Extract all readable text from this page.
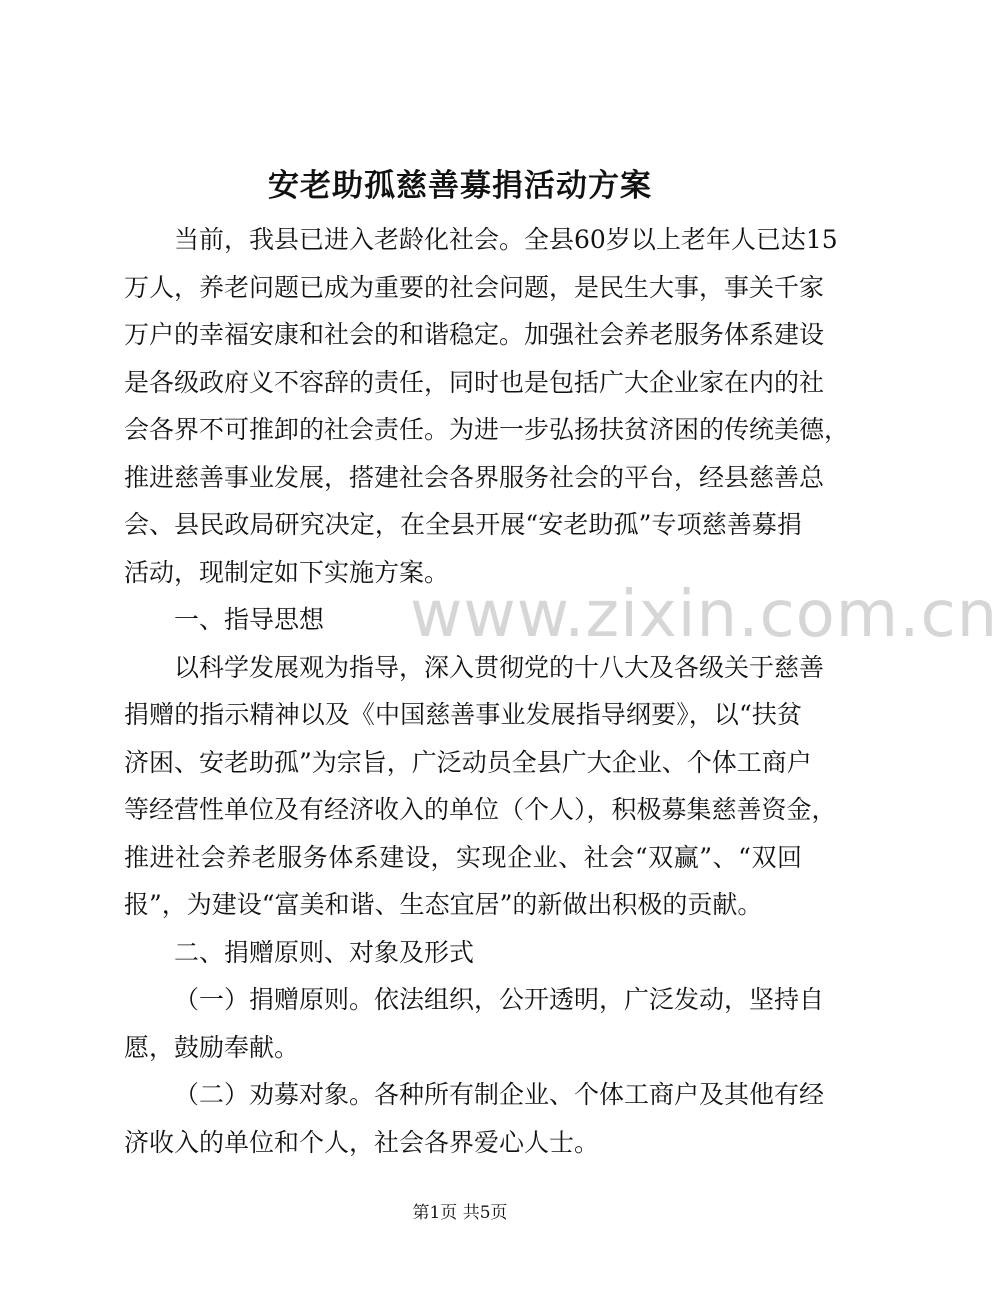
www.zixin.com.cn
安老助孤慈善募捐活动方案
当前，我县已进入老龄化社会。全县60岁以上老年人已达15
万人，养老问题已成为重要的社会问题，是民生大事，事关千家
万户的幸福安康和社会的和谐稳定。加强社会养老服务体系建设
是各级政府义不容辞的责任，同时也是包括广大企业家在内的社
会各界不可推卸的社会责任。为进一步弘扬扶贫济困的传统美德，
推进慈善事业发展，搭建社会各界服务社会的平台，经县慈善总
会、县民政局研究决定，在全县开展“安老助孤”专项慈善募捐
活动，现制定如下实施方案。
一、指导思想
以科学发展观为指导，深入贯彻党的十八大及各级关于慈善
捐赠的指示精神以及《中国慈善事业发展指导纲要》，以“扶贫
济困、安老助孤”为宗旨，广泛动员全县广大企业、个体工商户
等经营性单位及有经济收入的单位（个人），积极募集慈善资金，
推进社会养老服务体系建设，实现企业、社会“双赢”、“双回
报”，为建设“富美和谐、生态宜居”的新做出积极的贡献。
二、捐赠原则、对象及形式
（一）捐赠原则。依法组织，公开透明，广泛发动，坚持自
愿，鼓励奉献。
（二）劝募对象。各种所有制企业、个体工商户及其他有经
济收入的单位和个人，社会各界爱心人士。
第1页 共5页
